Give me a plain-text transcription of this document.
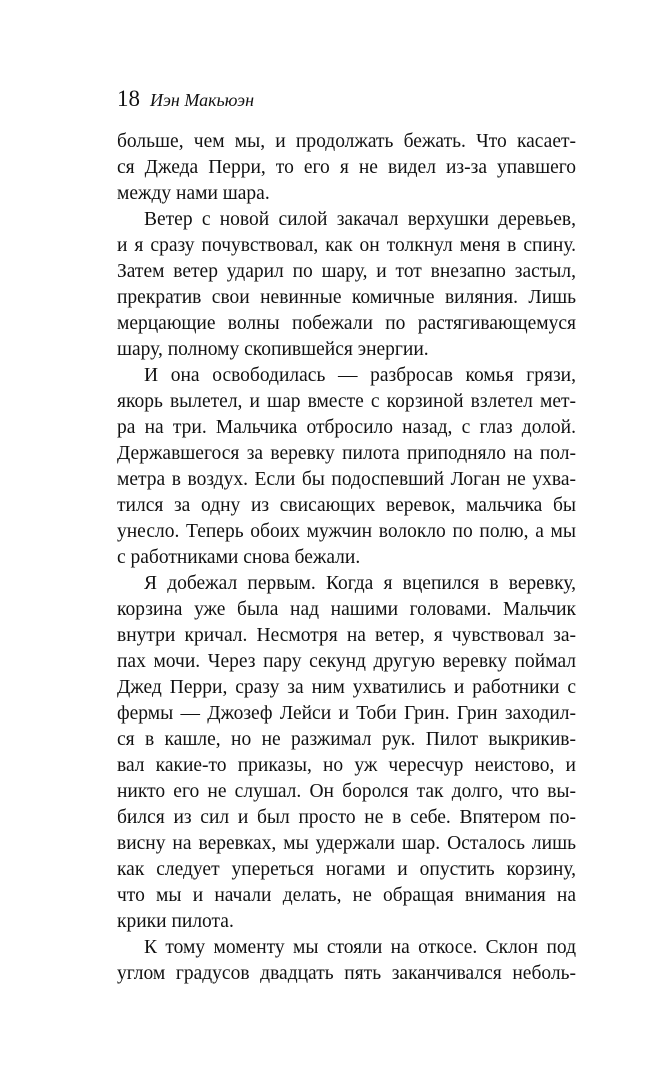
18 Иэн Макьюэн
больше, чем мы, и продолжать бежать. Что касает-
ся Джеда Перри, то его я не видел из-за упавшего
между нами шара.
Ветер с новой силой закачал верхушки деревьев,
и я сразу почувствовал, как он толкнул меня в спину.
Затем ветер ударил по шару, и тот внезапно застыл,
прекратив свои невинные комичные виляния. Лишь
мерцающие волны побежали по растягивающемуся
шару, полному скопившейся энергии.
И она освободилась — разбросав комья грязи,
якорь вылетел, и шар вместе с корзиной взлетел мет-
ра на три. Мальчика отбросило назад, с глаз долой.
Державшегося за веревку пилота приподняло на пол-
метра в воздух. Если бы подоспевший Логан не ухва-
тился за одну из свисающих веревок, мальчика бы
унесло. Теперь обоих мужчин волокло по полю, а мы
с работниками снова бежали.
Я добежал первым. Когда я вцепился в веревку,
корзина уже была над нашими головами. Мальчик
внутри кричал. Несмотря на ветер, я чувствовал за-
пах мочи. Через пару секунд другую веревку поймал
Джед Перри, сразу за ним ухватились и работники с
фермы — Джозеф Лейси и Тоби Грин. Грин заходил-
ся в кашле, но не разжимал рук. Пилот выкрикив-
вал какие-то приказы, но уж чересчур неистово, и
никто его не слушал. Он боролся так долго, что вы-
бился из сил и был просто не в себе. Впятером по-
висну на веревках, мы удержали шар. Осталось лишь
как следует упереться ногами и опустить корзину,
что мы и начали делать, не обращая внимания на
крики пилота.
К тому моменту мы стояли на откосе. Склон под
углом градусов двадцать пять заканчивался неболь-
